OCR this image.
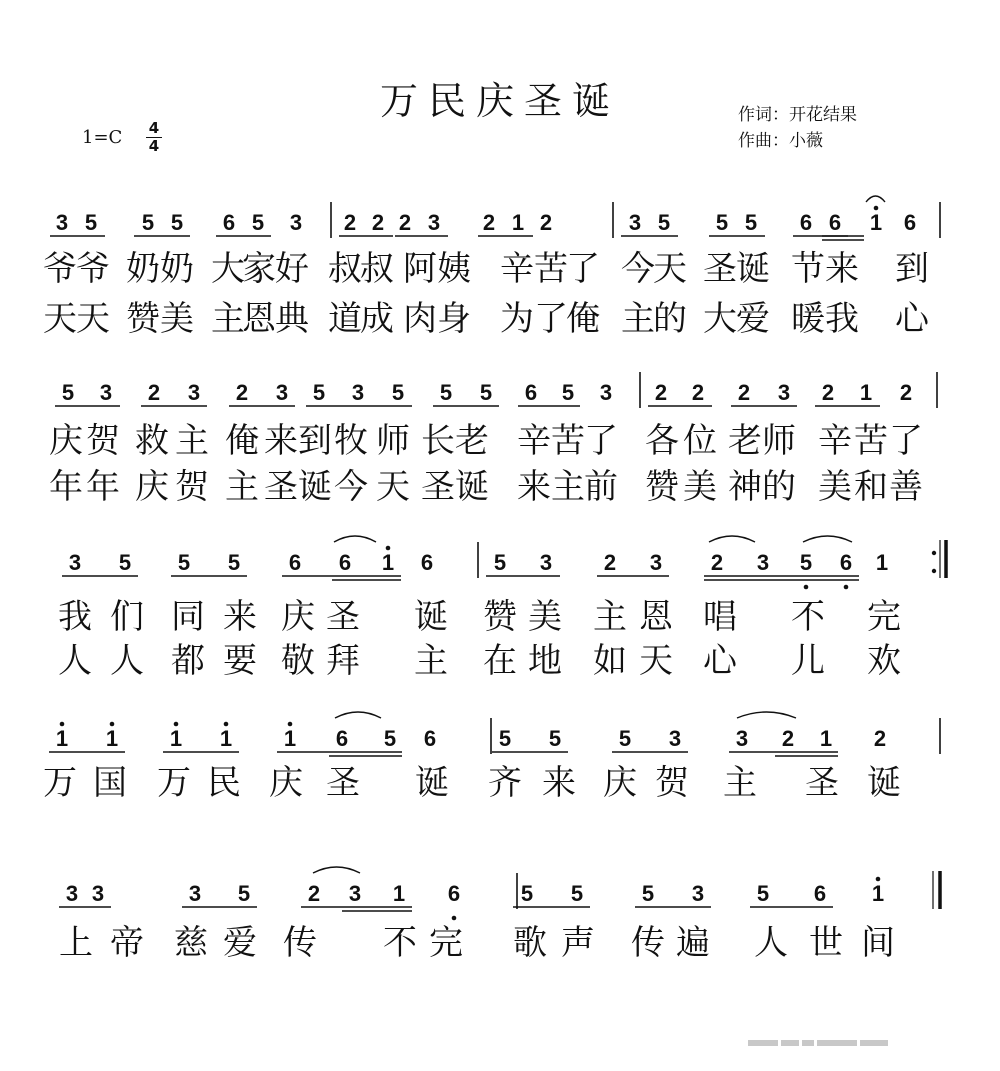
万民庆圣诞
1=C 4
4
作词：开花结果
作曲：小薇
3 5 5 5 6 5 3 2 2 2 3 2 1 2	3 5 5 5 6 6 1 6
爷 爷 奶 奶 大
家 好 叔
叔 阿 姨 辛 苦
了 今
天 圣 诞 节 来 到
天 天 赞 美 主
恩 典 道
成 肉 身 为 了
俺 主
的 大 爱 暖 我 心
5 3 2 3 2 3 5 3 5 5 5 6 5 3 2 2 2 3 2 1 2
庆 贺 救 主 俺 来 到 牧 师 长 老 辛 苦 了 各 位 老 师 辛 苦 了
年 年 庆 贺 主 圣 诞 今 天 圣 诞 来 主 前 赞 美 神 的 美 和 善
3 5 5 5 6 6 1 6	5 3 2 3 2 3 5 6 1
我 们 同 来 庆 圣 诞 赞 美 主 恩 唱 不 完
人 人 都 要 敬 拜 主 在 地 如 天 心 儿 欢
1 1 1 1 1 6 5 6	5 5	5 3 3 2 1 2
万 国 万 民 庆 圣 诞 齐 来 庆 贺 主 圣 诞
3 3	3 5	2 3 1 6	5 5	5 3 5 6 1
上 帝 慈 爱 传 不 完 歌 声 传 遍 人 世 间
